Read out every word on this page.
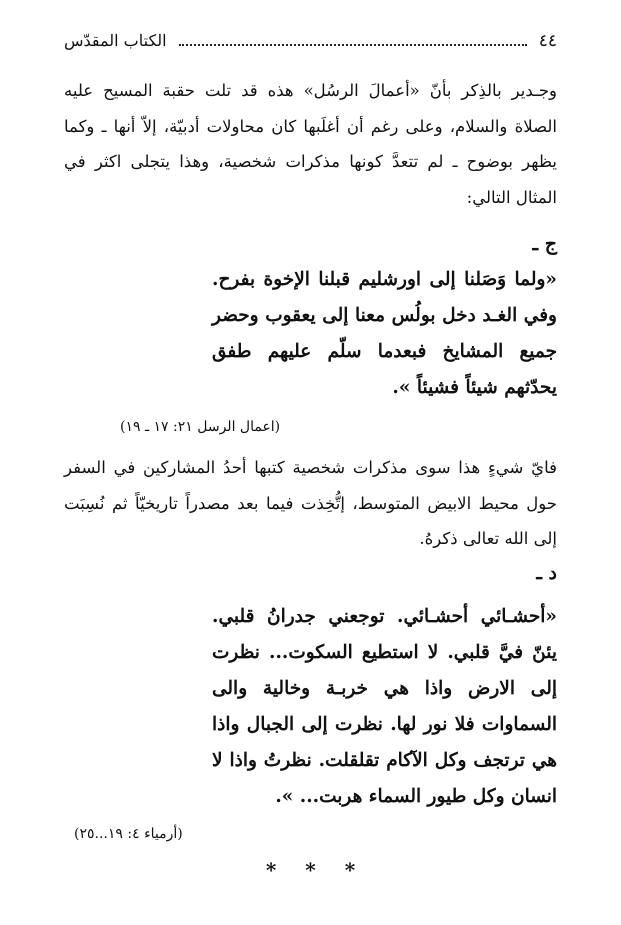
٤٤
الكتاب المقدّس
وجـدير بالذِكر بأنّ «أعمالَ الرسُل» هذه قد تلت حقبة المسيح عليه الصلاة والسلام، وعلى رغم أن أغلَبها كان محاولات أدبيّة، إلاّ أنها ـ وكما يظهر بوضوح ـ لم تتعدَّ كونها مذكرات شخصية، وهذا يتجلى اكثر في المثال التالي:
ج ـ
«ولما وَصَلنا إلى اورشليم قبلنا الإخوة بفرح. وفي الغـد دخل بولُس معنا إلى يعقوب وحضر جميع المشايخ فبعدما سلّم عليهم طفق يحدّثهم شيئاً فشيئاً ».
(اعمال الرسل ٢١: ١٧ ـ ١٩)
فايّ شيءٍ هذا سوى مذكرات شخصية كتبها أحدُ المشاركين في السفر حول محيط الابيض المتوسط، إتُّخِذت فيما بعد مصدراً تاريخيّاً ثم نُسِبَت إلى الله تعالى ذكرهُ.
د ـ
«أحشـائي أحشـائي. توجعني جدرانُ قلبي. يئنّ فيَّ قلبي. لا استطيع السكوت... نظرت إلى الارض واذا هي خربـة وخالية والى السماوات فلا نور لها. نظرت إلى الجبال واذا هي ترتجف وكل الآكام تقلقلت. نظرتُ واذا لا انسان وكل طيور السماء هربت... ».
(أرمياء ٤: ١٩...٢٥)
* * *
